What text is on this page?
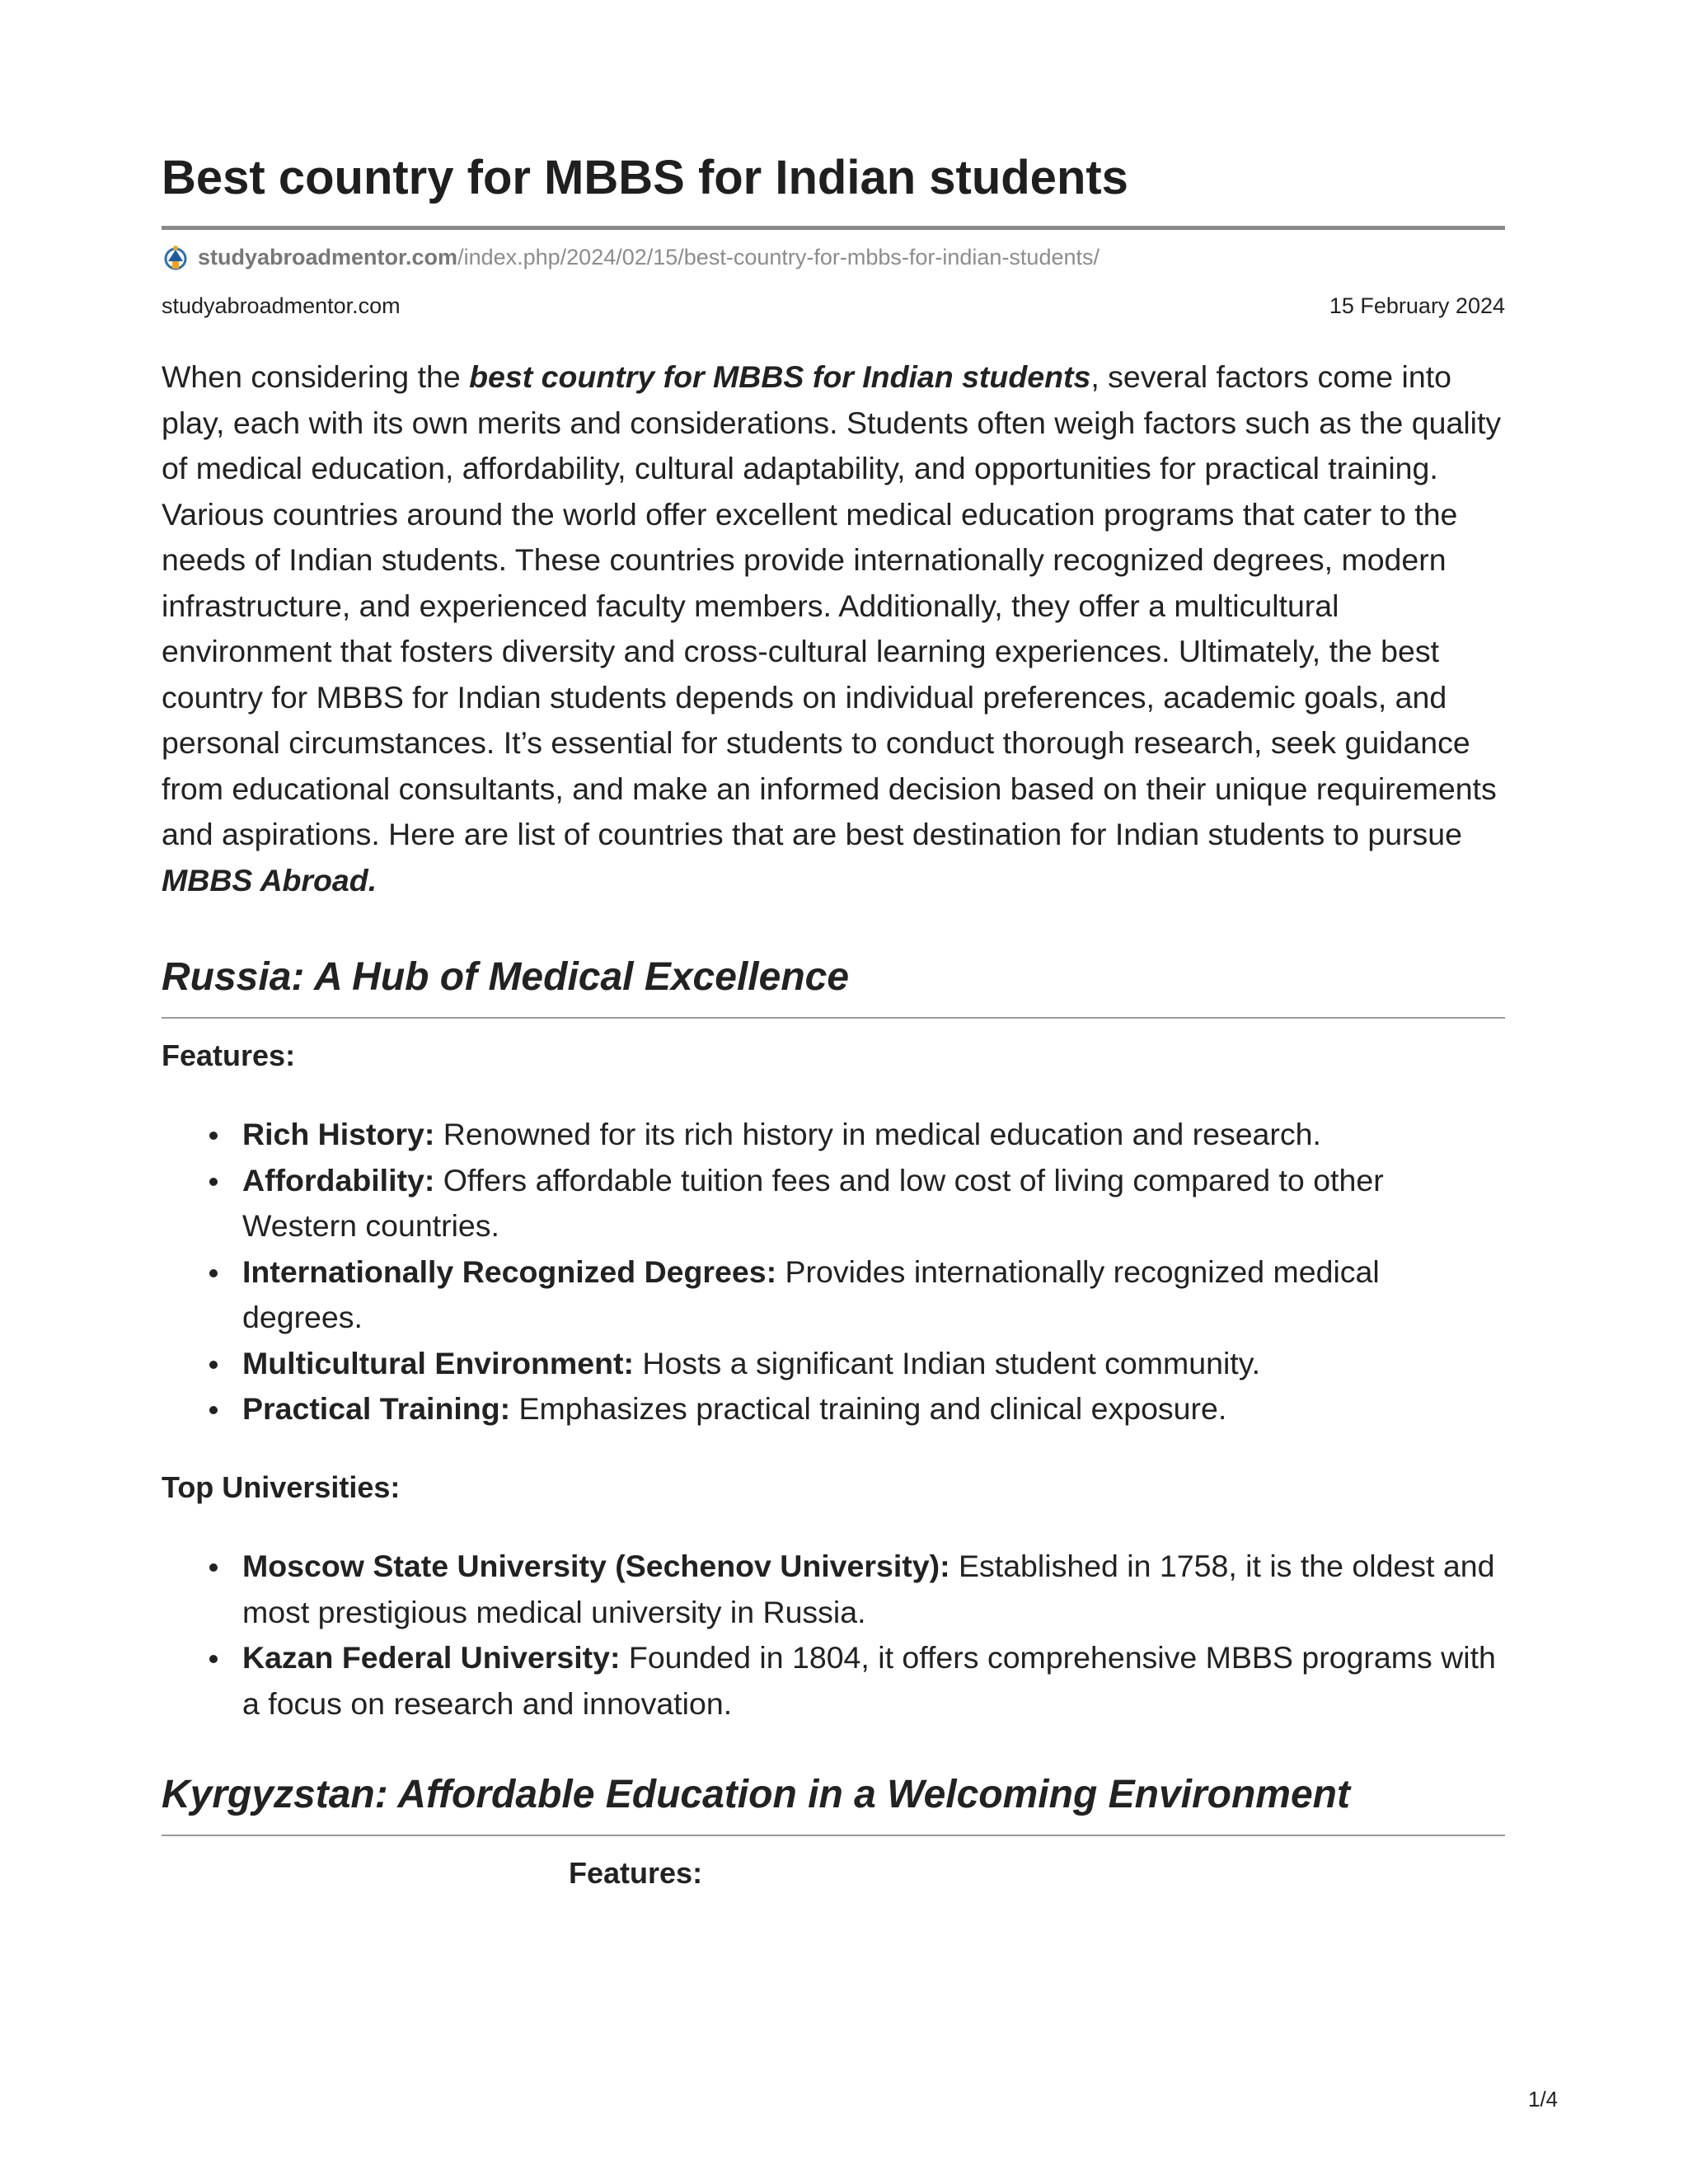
Best country for MBBS for Indian students
studyabroadmentor.com /index.php/2024/02/15/best-country-for-mbbs-for-indian-students/
studyabroadmentor.com	15 February 2024

When considering the best country for MBBS for Indian students, several factors come into play, each with its own merits and considerations. Students often weigh factors such as the quality of medical education, affordability, cultural adaptability, and opportunities for practical training. Various countries around the world offer excellent medical education programs that cater to the needs of Indian students. These countries provide internationally recognized degrees, modern infrastructure, and experienced faculty members. Additionally, they offer a multicultural environment that fosters diversity and cross-cultural learning experiences. Ultimately, the best country for MBBS for Indian students depends on individual preferences, academic goals, and personal circumstances. It’s essential for students to conduct thorough research, seek guidance from educational consultants, and make an informed decision based on their unique requirements and aspirations. Here are list of countries that are best destination for Indian students to pursue MBBS Abroad.

Russia: A Hub of Medical Excellence

Features:

Rich History: Renowned for its rich history in medical education and research.
Affordability: Offers affordable tuition fees and low cost of living compared to other Western countries.
Internationally Recognized Degrees: Provides internationally recognized medical degrees.
Multicultural Environment: Hosts a significant Indian student community.
Practical Training: Emphasizes practical training and clinical exposure.

Top Universities:

Moscow State University (Sechenov University): Established in 1758, it is the oldest and most prestigious medical university in Russia.
Kazan Federal University: Founded in 1804, it offers comprehensive MBBS programs with a focus on research and innovation.
Kyrgyzstan: Affordable Education in a Welcoming Environment

Features:

1/4
